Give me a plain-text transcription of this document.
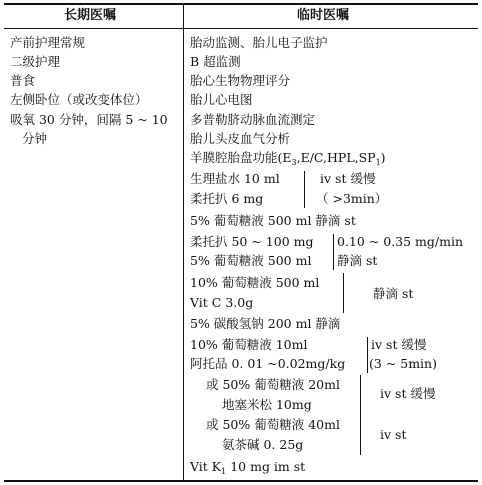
长期医嘱	临时医嘱
产前护理常规
二级护理
普食
左侧卧位（或改变体位）
吸氧 30 分钟，间隔 5 ~ 10
分钟
胎动监测、胎儿电子监护
B 超监测
胎心生物物理评分
胎儿心电图
多普勒脐动脉血流测定
胎儿头皮血气分析
羊膜腔胎盘功能$(E_3,E/C,HPL,SP_1)$
生理盐水 10 ml
柔托扒 6 mg
iv st 缓慢
（ >3min）
5% 葡萄糖液 500 ml 静滴 st
柔托扒 50 ~ 100 mg 0.10 ~ 0.35 mg/min
5% 葡萄糖液 500 ml 静滴 st
10% 葡萄糖液 500 ml
Vit C 3.0g
静滴 st
5% 碳酸氢钠 200 ml 静滴
10% 葡萄糖液 10ml
阿托品 0. 01 ~0.02mg/kg
iv st 缓慢
(3 ~ 5min)
或 50% 葡萄糖液 20ml
地塞米松 10mg
iv st 缓慢
或 50% 葡萄糖液 40ml
氨茶碱 0. 25g
iv st
Vit $K_1$ 10 mg im st
